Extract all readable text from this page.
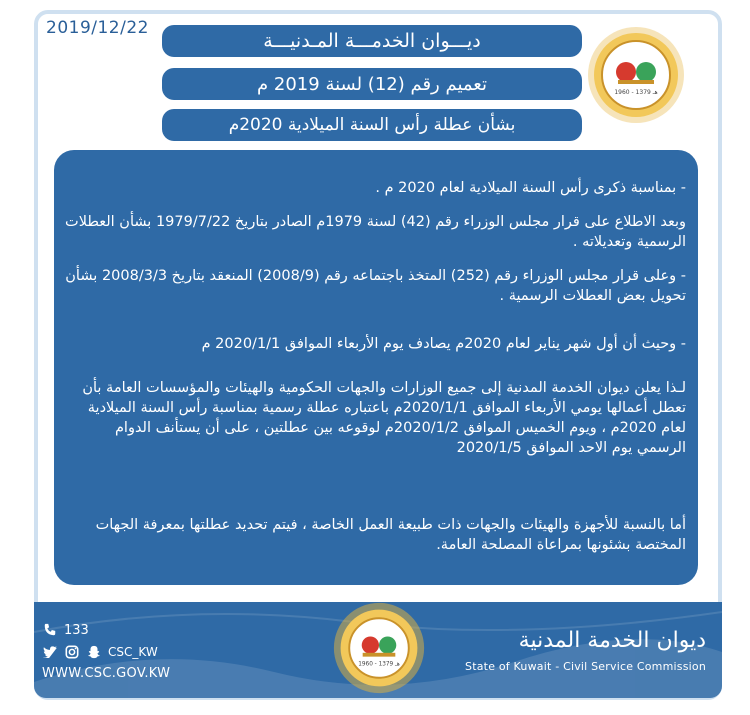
2019/12/22
ديـــوان الخدمـــة المـدنيـــة
تعميم رقم (12) لسنة 2019 م
بشأن عطلة رأس السنة الميلادية 2020م
1960 - 1379 هـ

- بمناسبة ذكرى رأس السنة الميلادية لعام 2020 م .

وبعد الاطلاع على قرار مجلس الوزراء رقم (42) لسنة 1979م الصادر بتاريخ 1979/7/22 بشأن العطلات الرسمية وتعديلاته .

- وعلى قرار مجلس الوزراء رقم (252) المتخذ باجتماعه رقم (2008/9) المنعقد بتاريخ 2008/3/3 بشأن تحويل بعض العطلات الرسمية .

- وحيث أن أول شهر يناير لعام 2020م يصادف يوم الأربعاء الموافق 2020/1/1 م

لـذا يعلن ديوان الخدمة المدنية إلى جميع الوزارات والجهات الحكومية والهيئات والمؤسسات العامة بأن تعطل أعمالها يومي الأربعاء الموافق 2020/1/1م باعتباره عطلة رسمية بمناسبة رأس السنة الميلادية لعام 2020م ، ويوم الخميس الموافق 2020/1/2م لوقوعه بين عطلتين ، على أن يستأنف الدوام الرسمي يوم الاحد الموافق 2020/1/5

أما بالنسبة للأجهزة والهيئات والجهات ذات طبيعة العمل الخاصة ، فيتم تحديد عطلتها بمعرفة الجهات المختصة بشئونها بمراعاة المصلحة العامة.

133
CSC_KW
WWW.CSC.GOV.KW
ديوان الخدمة المدنية
State of Kuwait - Civil Service Commission
1960 - 1379 هـ
